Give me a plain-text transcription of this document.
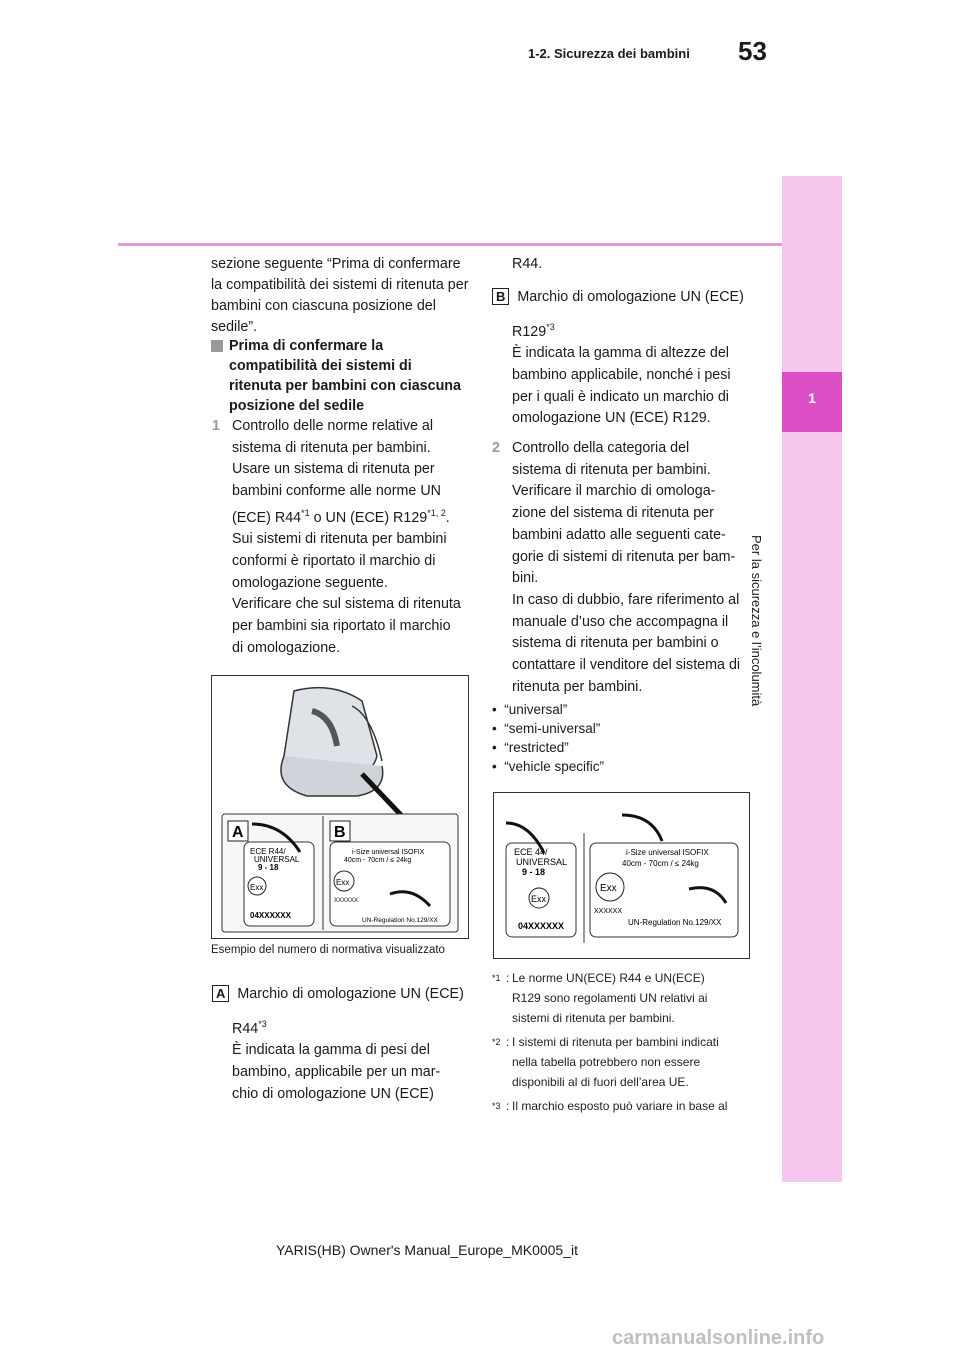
53
1-2. Sicurezza dei bambini
1
Per la sicurezza e l’incolumità
sezione seguente “Prima di confermare la compatibilità dei sistemi di ritenuta per bambini con ciascuna posizione del sedile”.
Prima di confermare la compatibilità dei sistemi di ritenuta per bambini con ciascuna posizione del sedile
1 Controllo delle norme relative al
sistema di ritenuta per bambini.
Usare un sistema di ritenuta per
bambini conforme alle norme UN
(ECE) R44$^{*1}$ o UN (ECE) R129$^{*1, 2}$.
Sui sistemi di ritenuta per bambini
conformi è riportato il marchio di
omologazione seguente.
Verificare che sul sistema di ritenuta
per bambini sia riportato il marchio
di omologazione.
A	B
ECE R44/
UNIVERSAL
9 - 18
Exx
04XXXXXX
i-Size universal ISOFIX
40cm - 70cm / ≤ 24kg
Exx
XXXXXX
UN-Regulation No.129/XX
Esempio del numero di normativa visualizzato
A Marchio di omologazione UN (ECE)
R44$^{*3}$
È indicata la gamma di pesi del
bambino, applicabile per un mar-
chio di omologazione UN (ECE)
R44.
B Marchio di omologazione UN (ECE)
R129$^{*3}$
È indicata la gamma di altezze del
bambino applicabile, nonché i pesi
per i quali è indicato un marchio di
omologazione UN (ECE) R129.
2 Controllo della categoria del
sistema di ritenuta per bambini.
Verificare il marchio di omologa-
zione del sistema di ritenuta per
bambini adatto alle seguenti cate-
gorie di sistemi di ritenuta per bam-
bini.
In caso di dubbio, fare riferimento al
manuale d’uso che accompagna il
sistema di ritenuta per bambini o
contattare il venditore del sistema di
ritenuta per bambini.
•  “universal”
•  “semi-universal”
•  “restricted”
•  “vehicle specific”
ECE 44/
UNIVERSAL
9 - 18
Exx
04XXXXXX
i-Size universal ISOFIX
40cm - 70cm / ≤ 24kg
Exx
XXXXXX
UN-Regulation No.129/XX
*1 : Le norme UN(ECE) R44 e UN(ECE)
R129 sono regolamenti UN relativi ai
sistemi di ritenuta per bambini.
*2 : I sistemi di ritenuta per bambini indicati
nella tabella potrebbero non essere
disponibili al di fuori dell’area UE.
*3 : Il marchio esposto può variare in base al
YARIS(HB) Owner's Manual_Europe_MK0005_it
carmanualsonline.info
